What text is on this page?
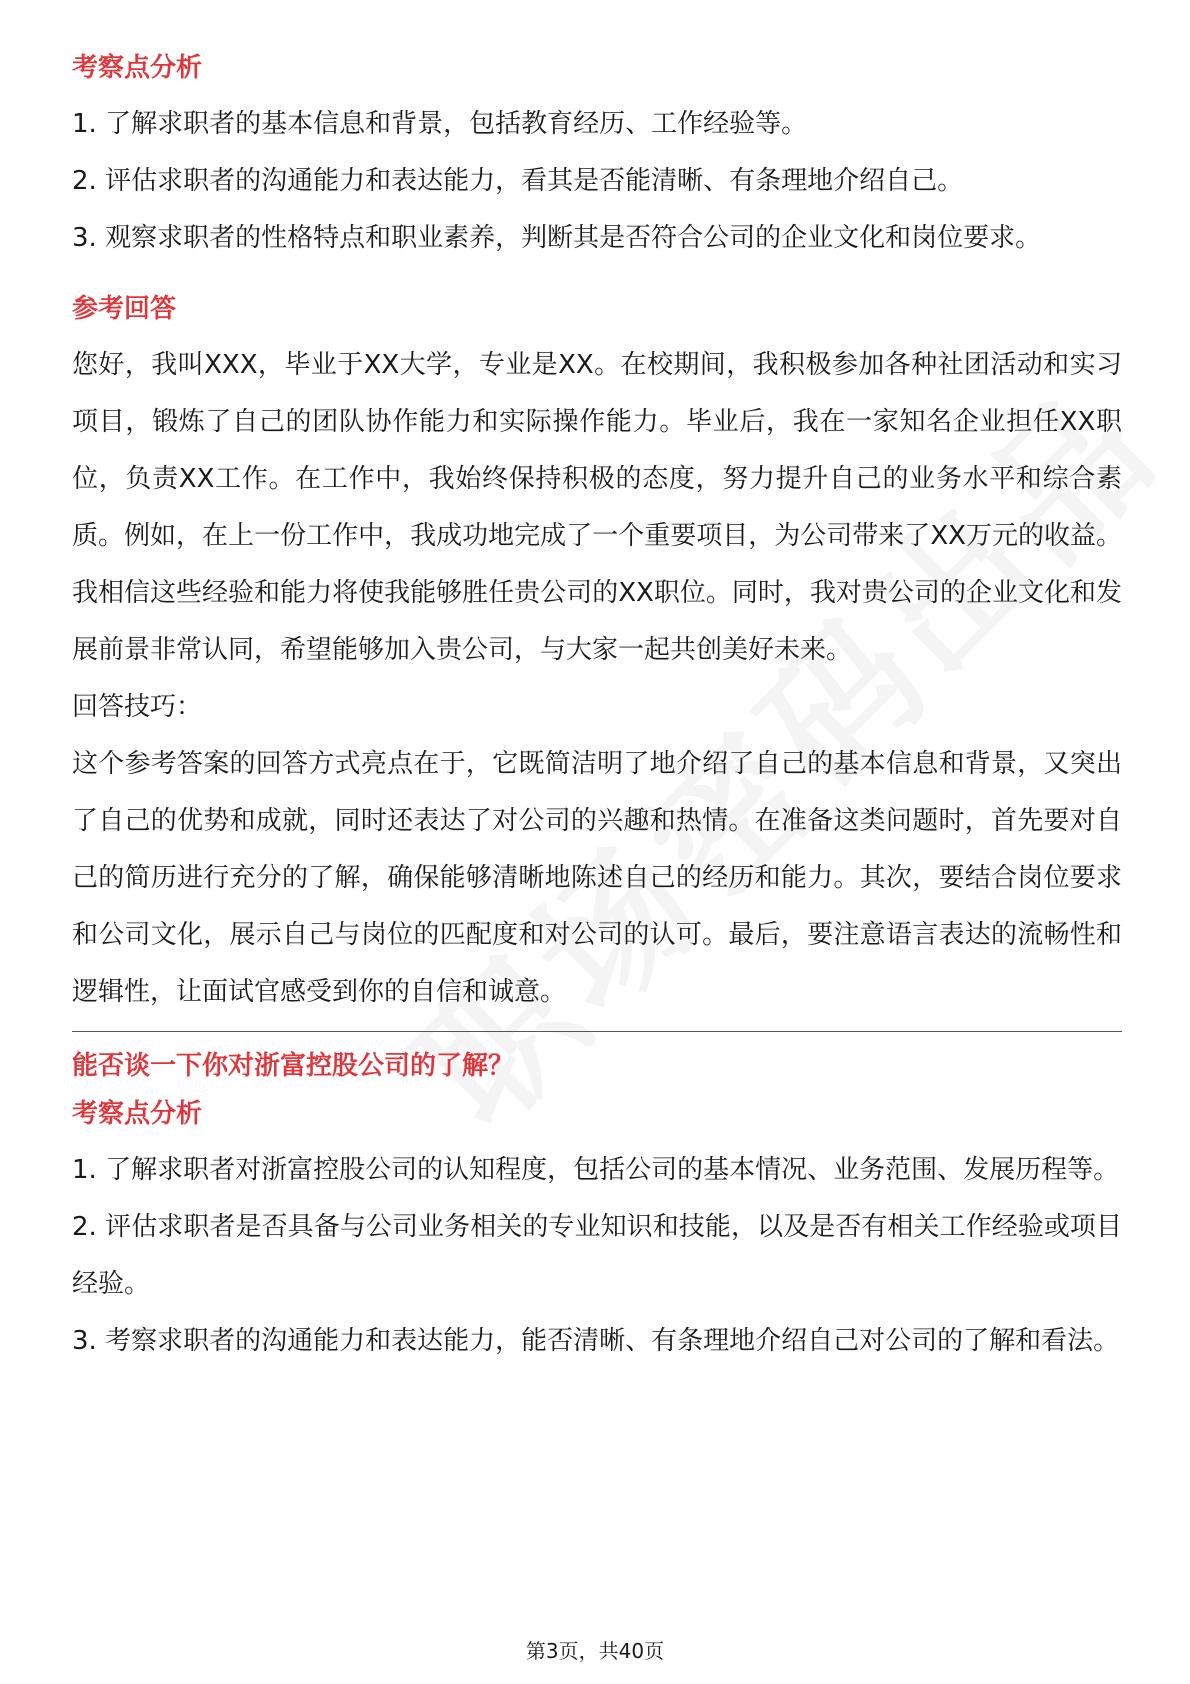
考察点分析

1. 了解求职者的基本信息和背景，包括教育经历、工作经验等。

2. 评估求职者的沟通能力和表达能力，看其是否能清晰、有条理地介绍自己。

3. 观察求职者的性格特点和职业素养，判断其是否符合公司的企业文化和岗位要求。

参考回答

您好，我叫XXX，毕业于XX大学，专业是XX。在校期间，我积极参加各种社团活动和实习项目，锻炼了自己的团队协作能力和实际操作能力。毕业后，我在一家知名企业担任XX职位，负责XX工作。在工作中，我始终保持积极的态度，努力提升自己的业务水平和综合素质。例如，在上一份工作中，我成功地完成了一个重要项目，为公司带来了XX万元的收益。我相信这些经验和能力将使我能够胜任贵公司的XX职位。同时，我对贵公司的企业文化和发展前景非常认同，希望能够加入贵公司，与大家一起共创美好未来。

回答技巧：

这个参考答案的回答方式亮点在于，它既简洁明了地介绍了自己的基本信息和背景，又突出了自己的优势和成就，同时还表达了对公司的兴趣和热情。在准备这类问题时，首先要对自己的简历进行充分的了解，确保能够清晰地陈述自己的经历和能力。其次，要结合岗位要求和公司文化，展示自己与岗位的匹配度和对公司的认可。最后，要注意语言表达的流畅性和逻辑性，让面试官感受到你的自信和诚意。

能否谈一下你对浙富控股公司的了解？
考察点分析

1. 了解求职者对浙富控股公司的认知程度，包括公司的基本情况、业务范围、发展历程等。

2. 评估求职者是否具备与公司业务相关的专业知识和技能，以及是否有相关工作经验或项目经验。

3. 考察求职者的沟通能力和表达能力，能否清晰、有条理地介绍自己对公司的了解和看法。

第3页，共40页
